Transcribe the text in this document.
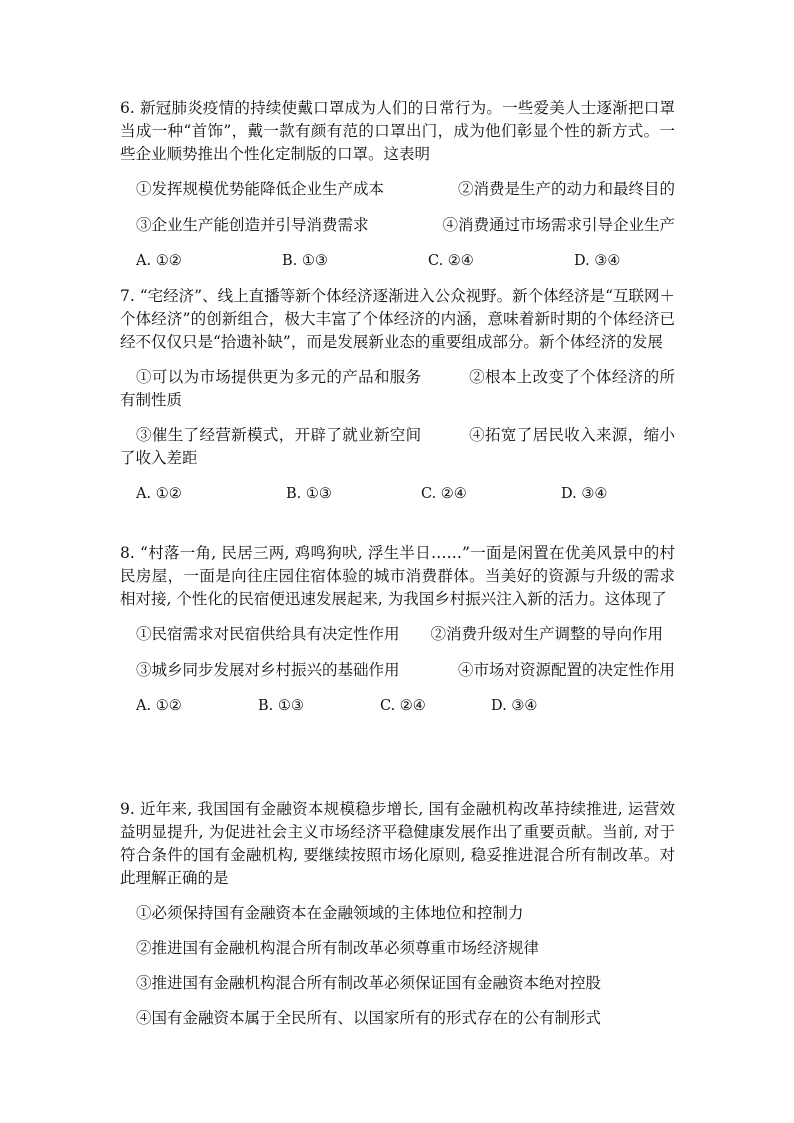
6. 新冠肺炎疫情的持续使戴口罩成为人们的日常行为。一些爱美人士逐渐把口罩当成一种“首饰”，戴一款有颜有范的口罩出门，成为他们彰显个性的新方式。一些企业顺势推出个性化定制版的口罩。这表明

①发挥规模优势能降低企业生产成本	②消费是生产的动力和最终目的
③企业生产能创造并引导消费需求	④消费通过市场需求引导企业生产
A. ①②	B. ①③	C. ②④	D. ③④

7. “宅经济”、线上直播等新个体经济逐渐进入公众视野。新个体经济是“互联网＋个体经济”的创新组合，极大丰富了个体经济的内涵，意味着新时期的个体经济已经不仅仅只是“拾遗补缺”，而是发展新业态的重要组成部分。新个体经济的发展

①可以为市场提供更为多元的产品和服务　　　②根本上改变了个体经济的所有制性质

③催生了经营新模式，开辟了就业新空间　　　④拓宽了居民收入来源，缩小了收入差距

A. ①②	B. ①③	C. ②④	D. ③④

8. “村落一角, 民居三两, 鸡鸣狗吠, 浮生半日……”一面是闲置在优美风景中的村民房屋，一面是向往庄园住宿体验的城市消费群体。当美好的资源与升级的需求相对接, 个性化的民宿便迅速发展起来, 为我国乡村振兴注入新的活力。这体现了

①民宿需求对民宿供给具有决定性作用　　②消费升级对生产调整的导向作用

③城乡同步发展对乡村振兴的基础作用	④市场对资源配置的决定性作用
A. ①②	B. ①③	C. ②④	D. ③④

9. 近年来, 我国国有金融资本规模稳步增长, 国有金融机构改革持续推进, 运营效益明显提升, 为促进社会主义市场经济平稳健康发展作出了重要贡献。当前, 对于符合条件的国有金融机构, 要继续按照市场化原则, 稳妥推进混合所有制改革。对此理解正确的是

①必须保持国有金融资本在金融领域的主体地位和控制力
②推进国有金融机构混合所有制改革必须尊重市场经济规律
③推进国有金融机构混合所有制改革必须保证国有金融资本绝对控股
④国有金融资本属于全民所有、以国家所有的形式存在的公有制形式
